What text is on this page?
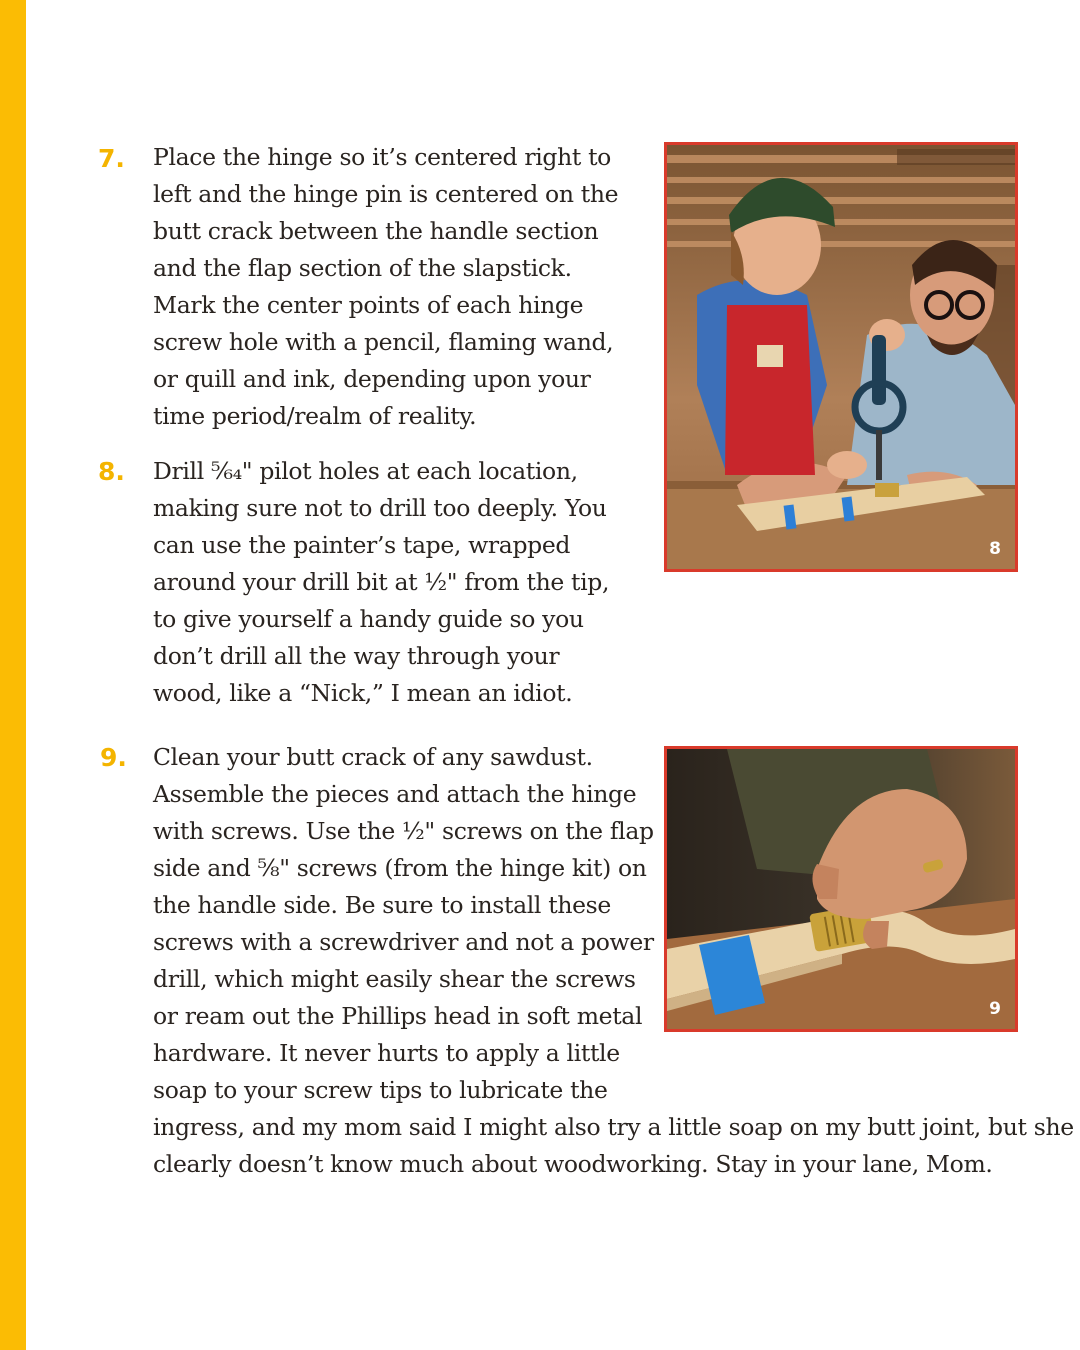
7. Place the hinge so it’s centered right to
left and the hinge pin is centered on the
butt crack between the handle section
and the flap section of the slapstick.
Mark the center points of each hinge
screw hole with a pencil, flaming wand,
or quill and ink, depending upon your
time period/realm of reality.

8. Drill ⁵⁄₆₄" pilot holes at each location,
making sure not to drill too deeply. You
can use the painter’s tape, wrapped
around your drill bit at ½" from the tip,
to give yourself a handy guide so you
don’t drill all the way through your
wood, like a “Nick,” I mean an idiot.

9. Clean your butt crack of any sawdust.
Assemble the pieces and attach the hinge
with screws. Use the ½" screws on the flap
side and ⁵⁄₈" screws (from the hinge kit) on
the handle side. Be sure to install these
screws with a screwdriver and not a power
drill, which might easily shear the screws
or ream out the Phillips head in soft metal
hardware. It never hurts to apply a little
soap to your screw tips to lubricate the
ingress, and my mom said I might also try a little soap on my butt joint, but she
clearly doesn’t know much about woodworking. Stay in your lane, Mom.

8
9
